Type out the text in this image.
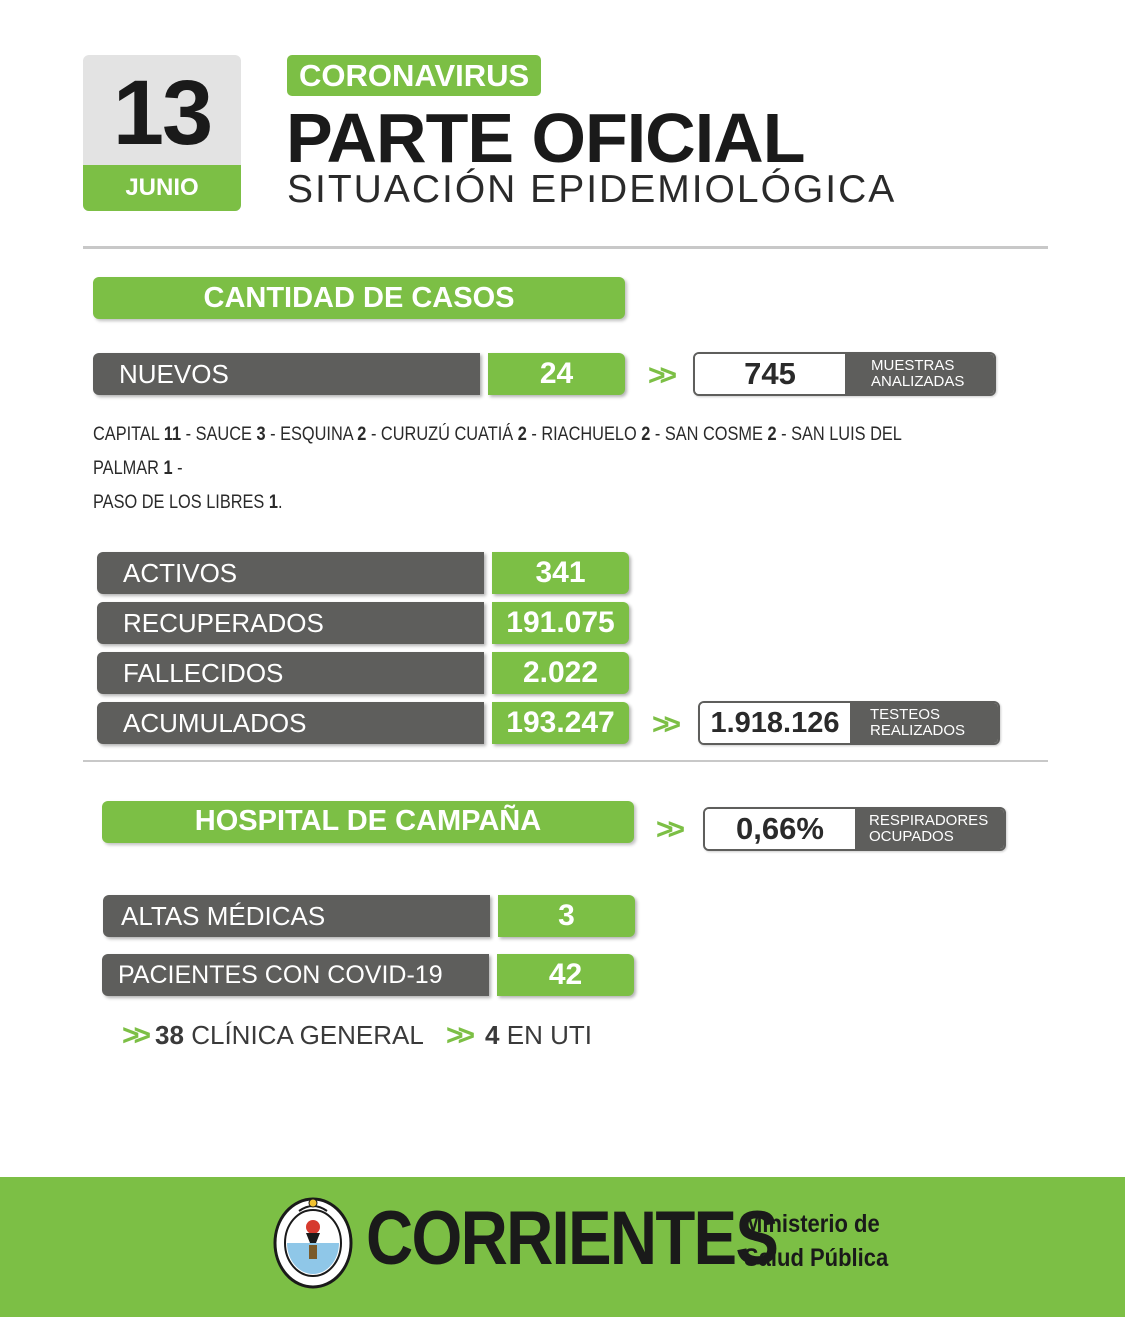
13
JUNIO
CORONAVIRUS
PARTE OFICIAL
SITUACIÓN EPIDEMIOLÓGICA
CANTIDAD DE CASOS
NUEVOS	24	>>	745	MUESTRAS
ANALIZADAS
CAPITAL 11 - SAUCE 3 - ESQUINA 2 - CURUZÚ CUATIÁ 2 - RIACHUELO 2 - SAN COSME 2 - SAN LUIS DEL PALMAR 1 -
PASO DE LOS LIBRES 1.
ACTIVOS	341
RECUPERADOS	191.075
FALLECIDOS	2.022
ACUMULADOS	193.247	>>	1.918.126	TESTEOS
REALIZADOS
HOSPITAL DE CAMPAÑA	>>	0,66%	RESPIRADORES
OCUPADOS
ALTAS MÉDICAS	3
PACIENTES CON COVID-19	42
>> 38
CLÍNICA GENERAL >> 4
EN UTI
CORRIENTES
Ministerio de
Salud Pública
